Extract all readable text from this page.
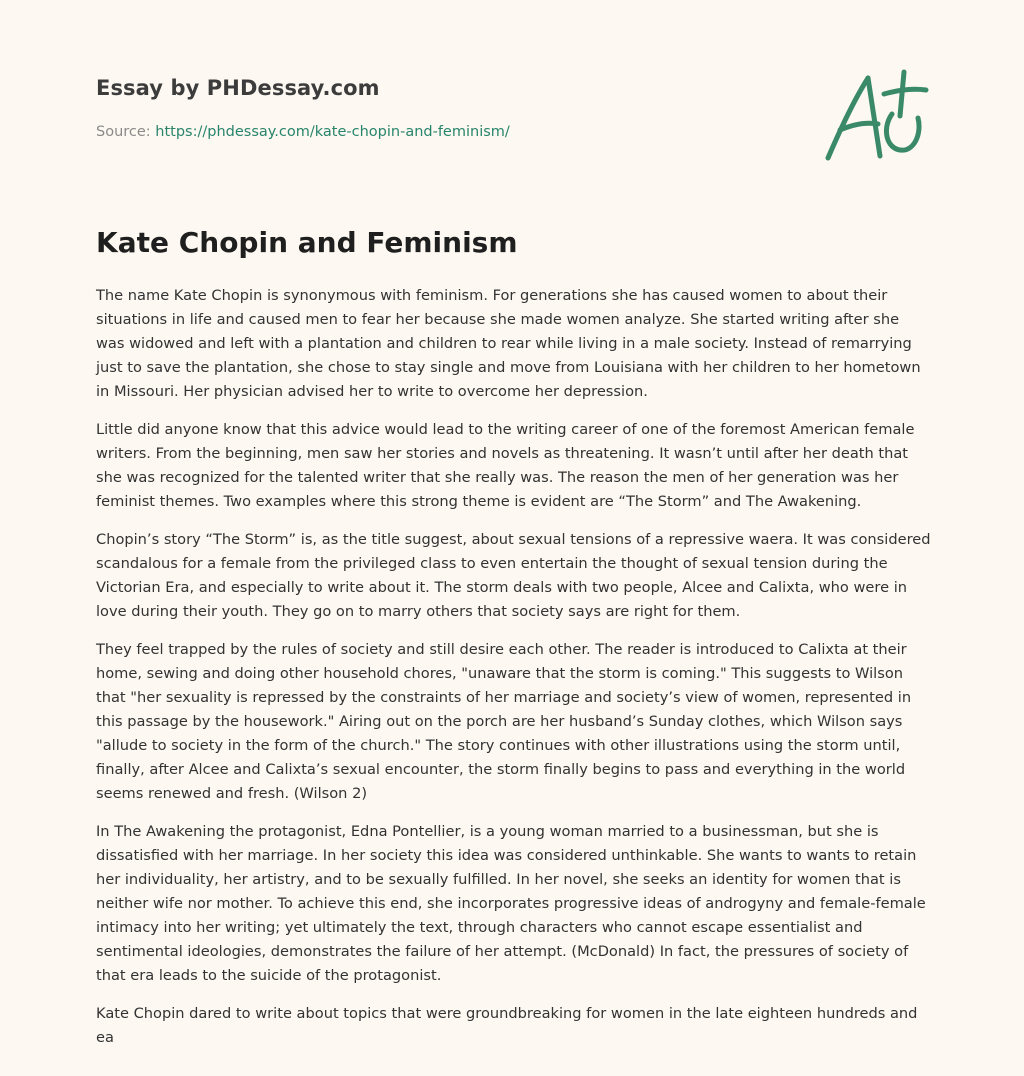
Essay by PHDessay.com
Source: https://phdessay.com/kate-chopin-and-feminism/
Kate Chopin and Feminism

The name Kate Chopin is synonymous with feminism. For generations she has caused women to about their situations in life and caused men to fear her because she made women analyze. She started writing after she was widowed and left with a plantation and children to rear while living in a male society. Instead of remarrying just to save the plantation, she chose to stay single and move from Louisiana with her children to her hometown in Missouri. Her physician advised her to write to overcome her depression.

Little did anyone know that this advice would lead to the writing career of one of the foremost American female writers. From the beginning, men saw her stories and novels as threatening. It wasn’t until after her death that she was recognized for the talented writer that she really was. The reason the men of her generation was her feminist themes. Two examples where this strong theme is evident are “The Storm” and The Awakening.

Chopin’s story “The Storm” is, as the title suggest, about sexual tensions of a repressive waera. It was considered scandalous for a female from the privileged class to even entertain the thought of sexual tension during the Victorian Era, and especially to write about it. The storm deals with two people, Alcee and Calixta, who were in love during their youth. They go on to marry others that society says are right for them.

They feel trapped by the rules of society and still desire each other. The reader is introduced to Calixta at their home, sewing and doing other household chores, "unaware that the storm is coming." This suggests to Wilson that "her sexuality is repressed by the constraints of her marriage and society’s view of women, represented in this passage by the housework." Airing out on the porch are her husband’s Sunday clothes, which Wilson says "allude to society in the form of the church." The story continues with other illustrations using the storm until, finally, after Alcee and Calixta’s sexual encounter, the storm finally begins to pass and everything in the world seems renewed and fresh. (Wilson 2)

In The Awakening the protagonist, Edna Pontellier, is a young woman married to a businessman, but she is dissatisfied with her marriage. In her society this idea was considered unthinkable. She wants to wants to retain her individuality, her artistry, and to be sexually fulfilled. In her novel, she seeks an identity for women that is neither wife nor mother. To achieve this end, she incorporates progressive ideas of androgyny and female-female intimacy into her writing; yet ultimately the text, through characters who cannot escape essentialist and sentimental ideologies, demonstrates the failure of her attempt. (McDonald) In fact, the pressures of society of that era leads to the suicide of the protagonist.

Kate Chopin dared to write about topics that were groundbreaking for women in the late eighteen hundreds and ea
